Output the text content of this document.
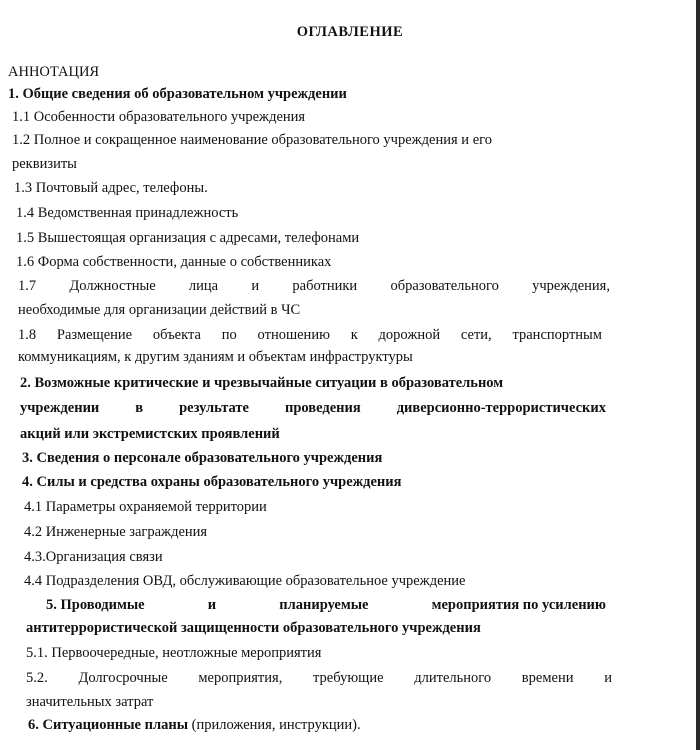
ОГЛАВЛЕНИЕ
АННОТАЦИЯ
1. Общие сведения об образовательном учреждении
1.1 Особенности образовательного учреждения
1.2 Полное и сокращенное наименование образовательного учреждения и его
реквизиты
1.3 Почтовый адрес, телефоны.
1.4 Ведомственная принадлежность
1.5 Вышестоящая организация с адресами, телефонами
1.6 Форма собственности, данные о собственниках
1.7 Должностные лица и работники образовательного учреждения,
необходимые для организации действий в ЧС
1.8 Размещение объекта по отношению к дорожной сети, транспортным
коммуникациям, к другим зданиям и объектам инфраструктуры
2. Возможные критические и чрезвычайные ситуации в образовательном
учреждении в результате проведения диверсионно-террористических
акций или экстремистских проявлений
3. Сведения о персонале образовательного учреждения
4. Силы и средства охраны образовательного учреждения
4.1 Параметры охраняемой территории
4.2 Инженерные заграждения
4.3.Организация связи
4.4 Подразделения ОВД, обслуживающие образовательное учреждение
5. Проводимые	и	планируемые	мероприятия по усилению
антитеррористической защищенности образовательного учреждения
5.1. Первоочередные, неотложные мероприятия
5.2. Долгосрочные мероприятия, требующие длительного времени и
значительных затрат
6. Ситуационные планы (приложения, инструкции).
